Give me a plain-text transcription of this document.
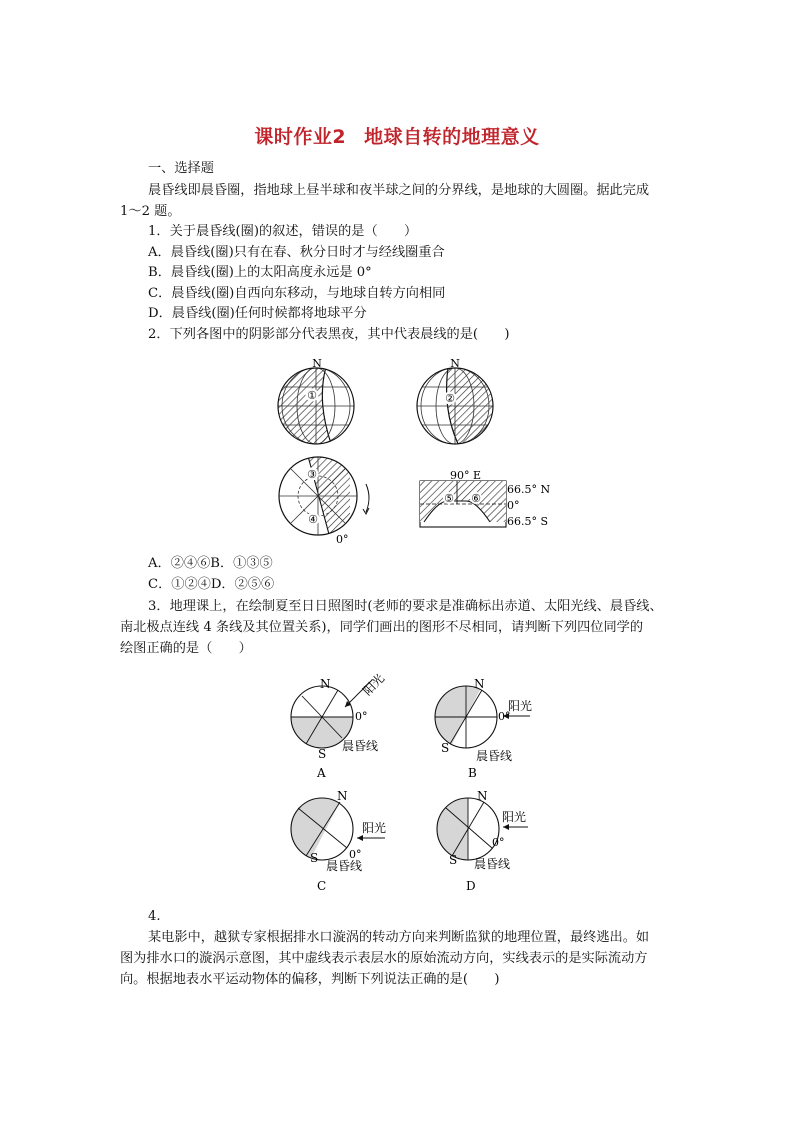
课时作业2 地球自转的地理意义
一、选择题
晨昏线即晨昏圈，指地球上昼半球和夜半球之间的分界线，是地球的大圆圈。据此完成
1～2 题。
1．关于晨昏线(圈)的叙述，错误的是（　　）
A．晨昏线(圈)只有在春、秋分日时才与经线圈重合
B．晨昏线(圈)上的太阳高度永远是 0°
C．晨昏线(圈)自西向东移动，与地球自转方向相同
D．晨昏线(圈)任何时候都将地球平分
2．下列各图中的阴影部分代表黑夜，其中代表晨线的是(　　)
①
N
②
N
③
④
0°
⑤ ⑥
90° E
66.5° N
0°
66.5° S
A．②④⑥B．①③⑤
C．①②④D．②⑤⑥
3．地理课上，在绘制夏至日日照图时(老师的要求是准确标出赤道、太阳光线、晨昏线、
南北极点连线 4 条线及其位置关系)，同学们画出的图形不尽相同，请判断下列四位同学的
绘图正确的是（　　）
N
S
0°
阳光
晨昏线
A
N
S
0°
阳光
晨昏线
B
N
S	0°
阳光
晨昏线
C
N
S
0°
阳光
晨昏线
D
4.
某电影中，越狱专家根据排水口漩涡的转动方向来判断监狱的地理位置，最终逃出。如
图为排水口的漩涡示意图，其中虚线表示表层水的原始流动方向，实线表示的是实际流动方
向。根据地表水平运动物体的偏移，判断下列说法正确的是(　　)
